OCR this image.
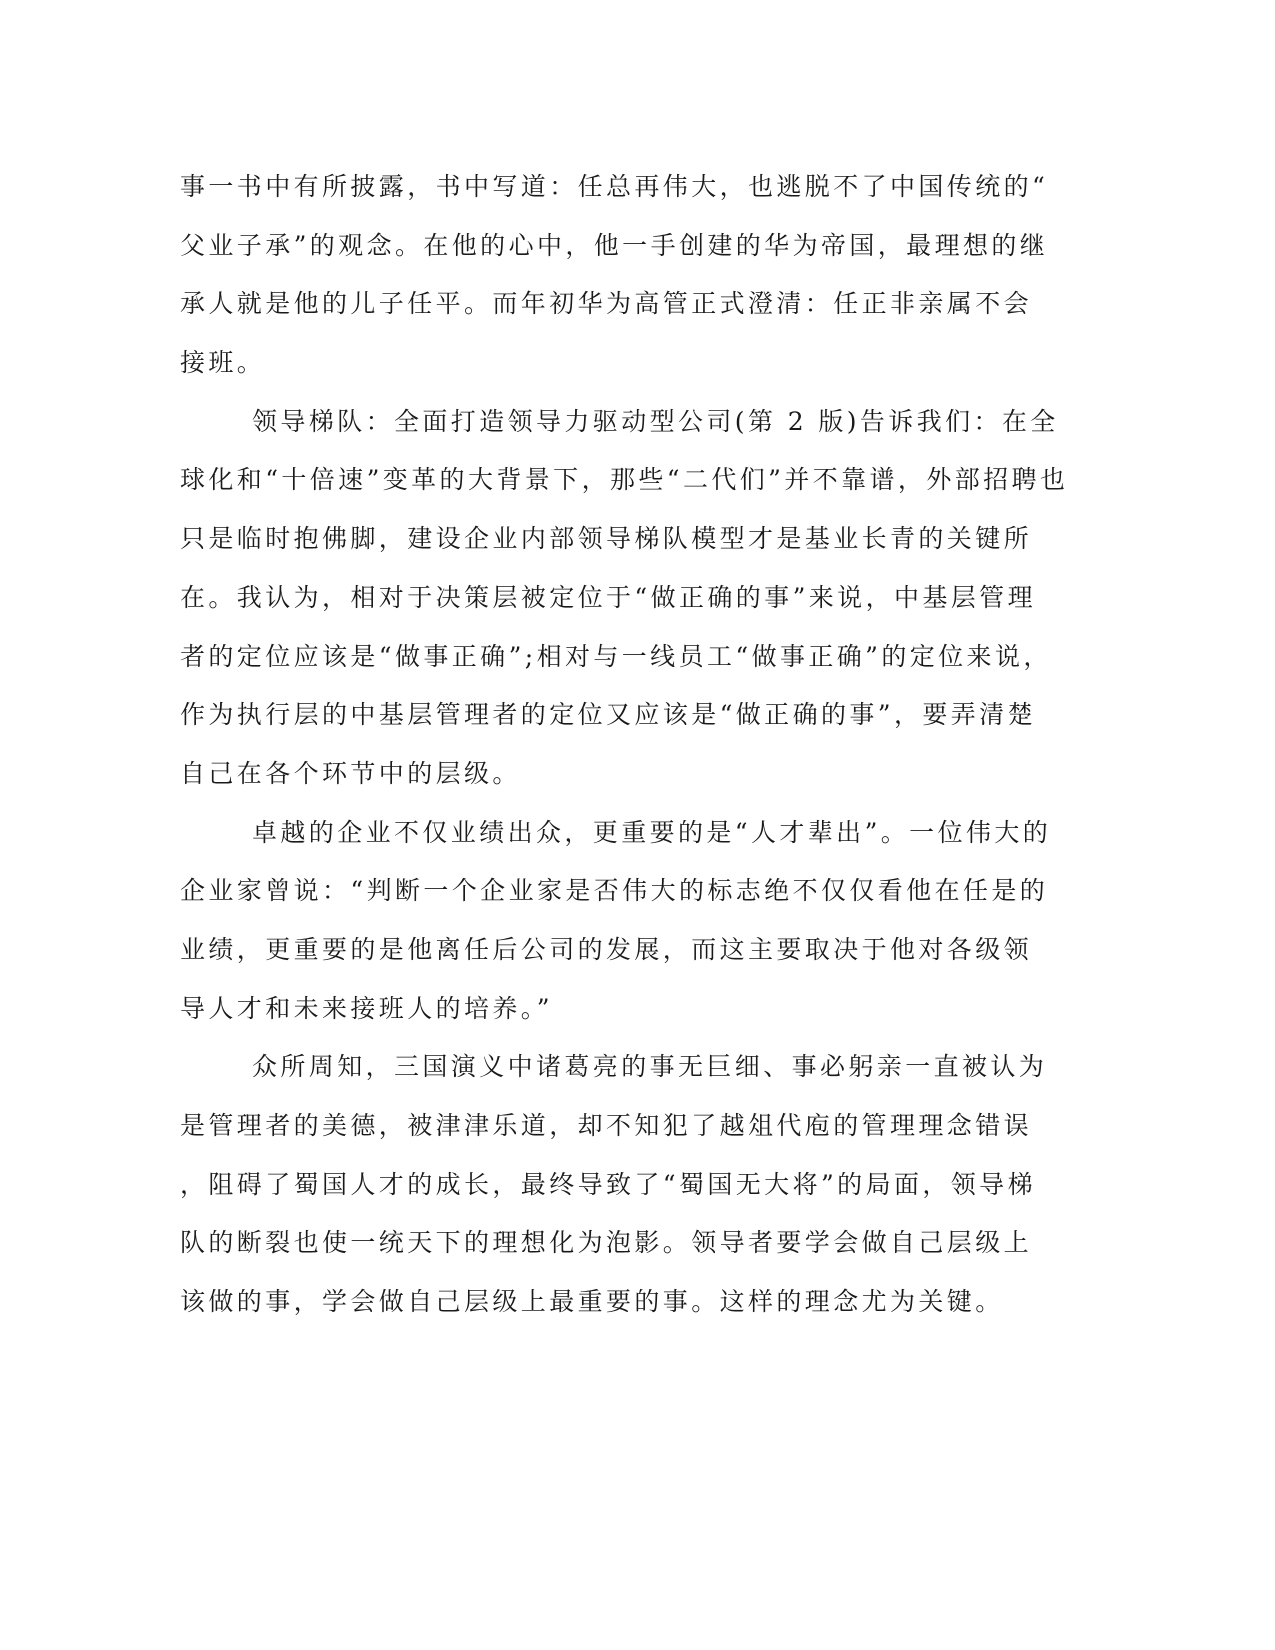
事一书中有所披露，书中写道：任总再伟大，也逃脱不了中国传统的“
父业子承”的观念。在他的心中，他一手创建的华为帝国，最理想的继
承人就是他的儿子任平。而年初华为高管正式澄清：任正非亲属不会
接班。
领导梯队：全面打造领导力驱动型公司(第 2 版)告诉我们：在全
球化和“十倍速”变革的大背景下，那些“二代们”并不靠谱，外部招聘也
只是临时抱佛脚，建设企业内部领导梯队模型才是基业长青的关键所
在。我认为，相对于决策层被定位于“做正确的事”来说，中基层管理
者的定位应该是“做事正确”;相对与一线员工“做事正确”的定位来说，
作为执行层的中基层管理者的定位又应该是“做正确的事”，要弄清楚
自己在各个环节中的层级。
卓越的企业不仅业绩出众，更重要的是“人才辈出”。一位伟大的
企业家曾说：“判断一个企业家是否伟大的标志绝不仅仅看他在任是的
业绩，更重要的是他离任后公司的发展，而这主要取决于他对各级领
导人才和未来接班人的培养。”
众所周知，三国演义中诸葛亮的事无巨细、事必躬亲一直被认为
是管理者的美德，被津津乐道，却不知犯了越俎代庖的管理理念错误
，阻碍了蜀国人才的成长，最终导致了“蜀国无大将”的局面，领导梯
队的断裂也使一统天下的理想化为泡影。领导者要学会做自己层级上
该做的事，学会做自己层级上最重要的事。这样的理念尤为关键。
